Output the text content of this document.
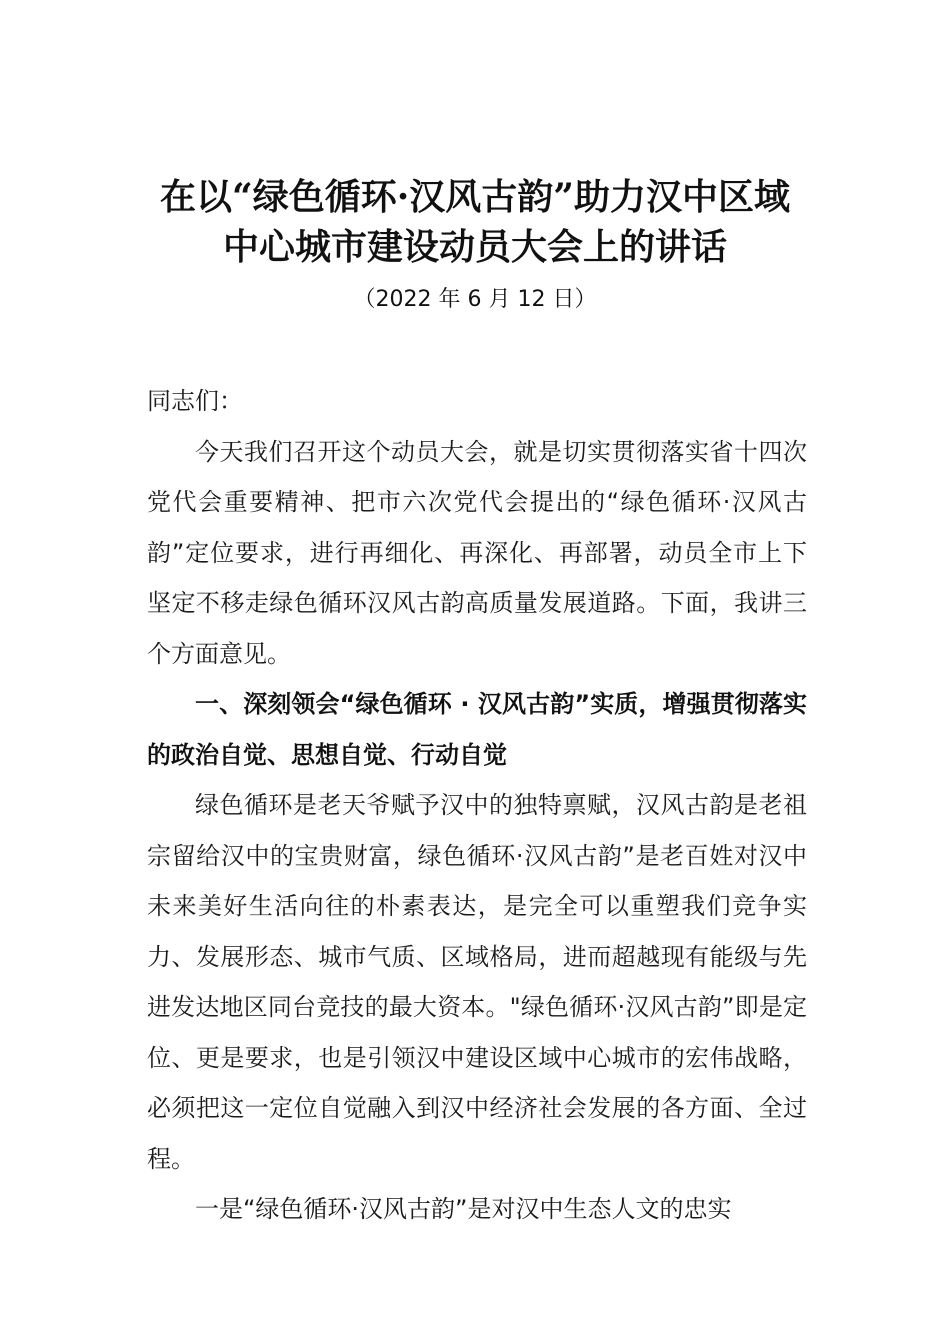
在以“绿色循环·汉风古韵”助力汉中区域
中心城市建设动员大会上的讲话
（2022 年 6 月 12 日）

同志们：

今天我们召开这个动员大会，就是切实贯彻落实省十四次党代会重要精神、把市六次党代会提出的“绿色循环·汉风古韵”定位要求，进行再细化、再深化、再部署，动员全市上下坚定不移走绿色循环汉风古韵高质量发展道路。下面，我讲三个方面意见。

一、深刻领会“绿色循环 · 汉风古韵”实质，增强贯彻落实的政治自觉、思想自觉、行动自觉

绿色循环是老天爷赋予汉中的独特禀赋，汉风古韵是老祖宗留给汉中的宝贵财富，绿色循环·汉风古韵”是老百姓对汉中未来美好生活向往的朴素表达，是完全可以重塑我们竞争实力、发展形态、城市气质、区域格局，进而超越现有能级与先进发达地区同台竞技的最大资本。"绿色循环·汉风古韵”即是定位、更是要求，也是引领汉中建设区域中心城市的宏伟战略，必须把这一定位自觉融入到汉中经济社会发展的各方面、全过程。

一是“绿色循环·汉风古韵”是对汉中生态人文的忠实
